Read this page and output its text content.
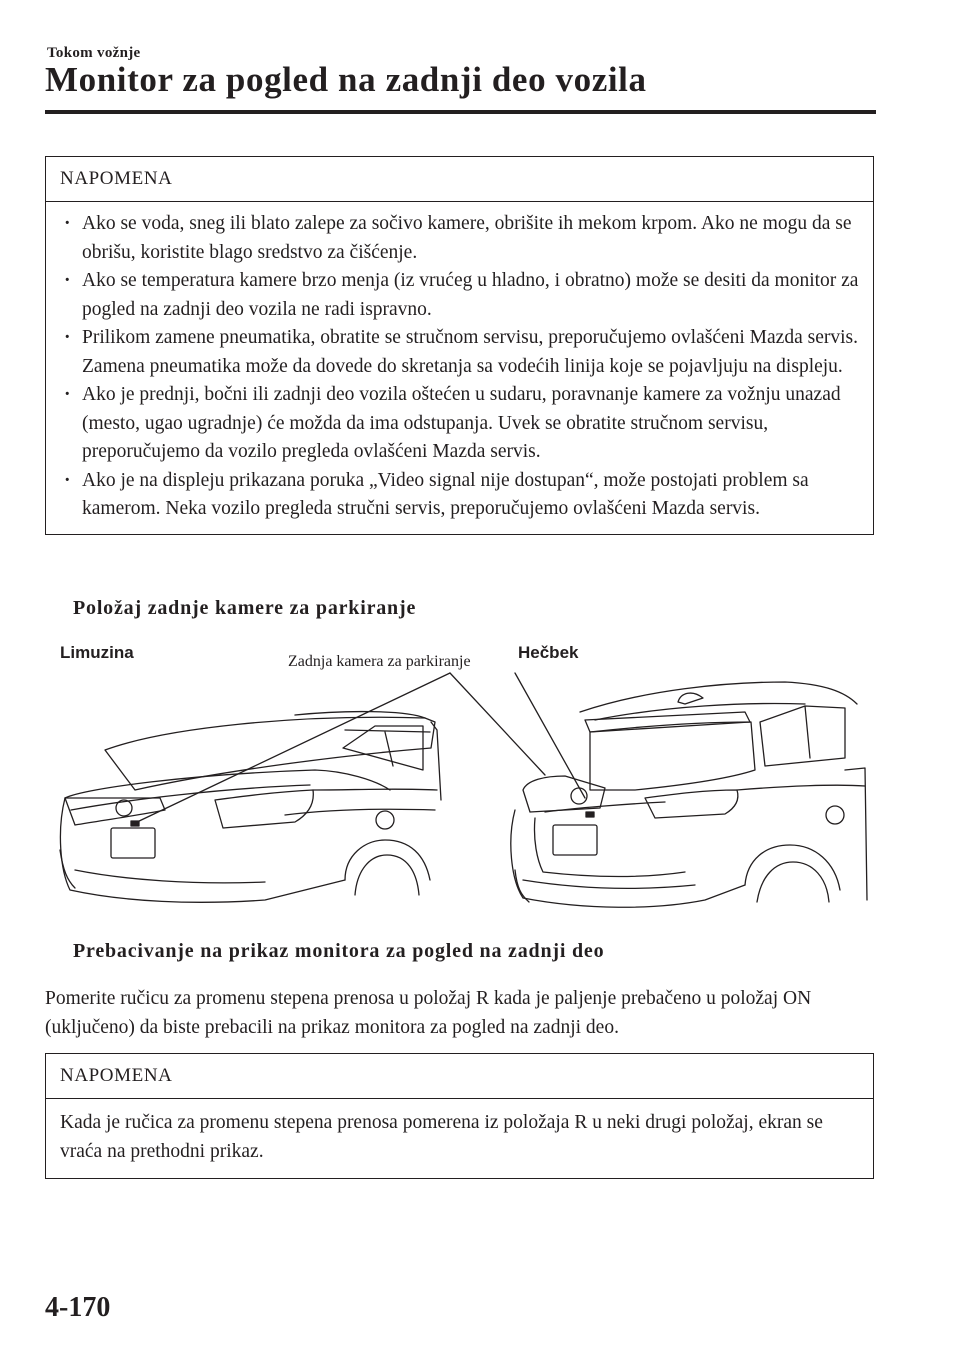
Tokom vožnje
Monitor za pogled na zadnji deo vozila
NAPOMENA
· Ako se voda, sneg ili blato zalepe za sočivo kamere, obrišite ih mekom krpom. Ako ne mogu da se obrišu, koristite blago sredstvo za čišćenje.
· Ako se temperatura kamere brzo menja (iz vrućeg u hladno, i obratno) može se desiti da monitor za pogled na zadnji deo vozila ne radi ispravno.
· Prilikom zamene pneumatika, obratite se stručnom servisu, preporučujemo ovlašćeni Mazda servis. Zamena pneumatika može da dovede do skretanja sa vodećih linija koje se pojavljuju na displeju.
· Ako je prednji, bočni ili zadnji deo vozila oštećen u sudaru, poravnanje kamere za vožnju unazad (mesto, ugao ugradnje) će možda da ima odstupanja. Uvek se obratite stručnom servisu, preporučujemo da vozilo pregleda ovlašćeni Mazda servis.
· Ako je na displeju prikazana poruka „Video signal nije dostupan“, može postojati problem sa kamerom. Neka vozilo pregleda stručni servis, preporučujemo ovlašćeni Mazda servis.
Položaj zadnje kamere za parkiranje
Limuzina	Hečbek
Zadnja kamera za parkiranje
Prebacivanje na prikaz monitora za pogled na zadnji deo
Pomerite ručicu za promenu stepena prenosa u položaj R kada je paljenje prebačeno u položaj ON (uključeno) da biste prebacili na prikaz monitora za pogled na zadnji deo.
NAPOMENA
Kada je ručica za promenu stepena prenosa pomerena iz položaja R u neki drugi položaj, ekran se vraća na prethodni prikaz.
4-170
